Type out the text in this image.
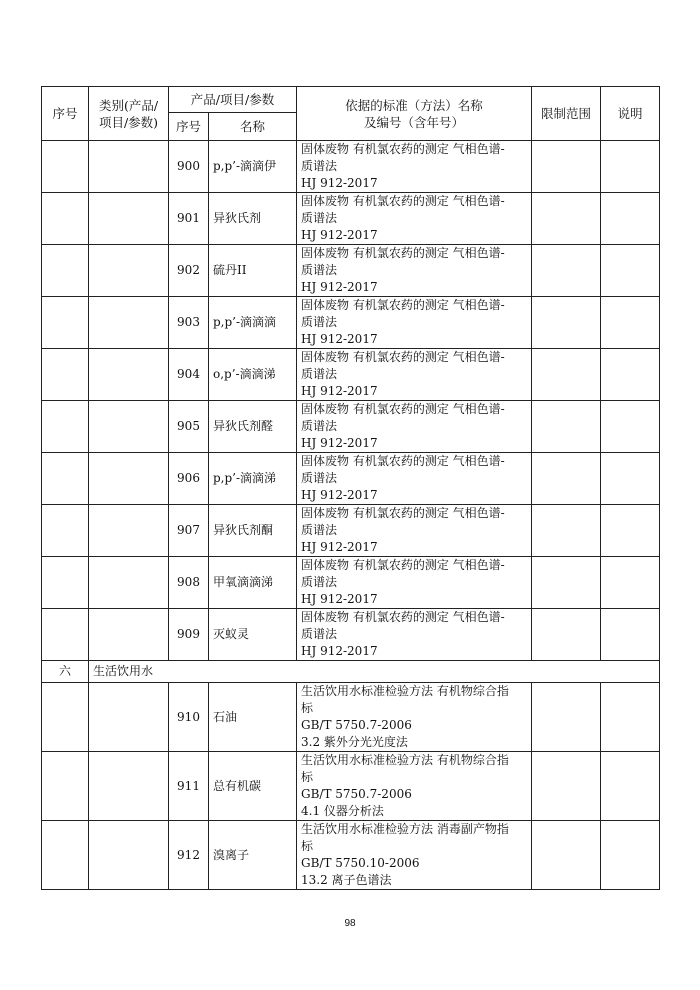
序号	类别(产品/项目/参数)	产品/项目/参数		依据的标准（方法）名称
及编号（含年号）	限制范围	说明
		序号	名称			
		900	p,p’-滴滴伊	固体废物 有机氯农药的测定 气相色谱-
质谱法
HJ 912-2017		

		901	异狄氏剂	固体废物 有机氯农药的测定 气相色谱-
质谱法
HJ 912-2017		

		902	硫丹II	固体废物 有机氯农药的测定 气相色谱-
质谱法
HJ 912-2017		

		903	p,p’-滴滴滴	固体废物 有机氯农药的测定 气相色谱-
质谱法
HJ 912-2017		

		904	o,p’-滴滴涕	固体废物 有机氯农药的测定 气相色谱-
质谱法
HJ 912-2017		

		905	异狄氏剂醛	固体废物 有机氯农药的测定 气相色谱-
质谱法
HJ 912-2017		

		906	p,p’-滴滴涕	固体废物 有机氯农药的测定 气相色谱-
质谱法
HJ 912-2017		

		907	异狄氏剂酮	固体废物 有机氯农药的测定 气相色谱-
质谱法
HJ 912-2017		

		908	甲氧滴滴涕	固体废物 有机氯农药的测定 气相色谱-
质谱法
HJ 912-2017		

		909	灭蚁灵	固体废物 有机氯农药的测定 气相色谱-
质谱法
HJ 912-2017		

六	生活饮用水					
		910	石油	生活饮用水标准检验方法 有机物综合指
标
GB/T 5750.7-2006
3.2 紫外分光光度法		

		911	总有机碳	生活饮用水标准检验方法 有机物综合指
标
GB/T 5750.7-2006
4.1 仪器分析法		

		912	溴离子	生活饮用水标准检验方法 消毒副产物指
标
GB/T 5750.10-2006
13.2 离子色谱法		

98
